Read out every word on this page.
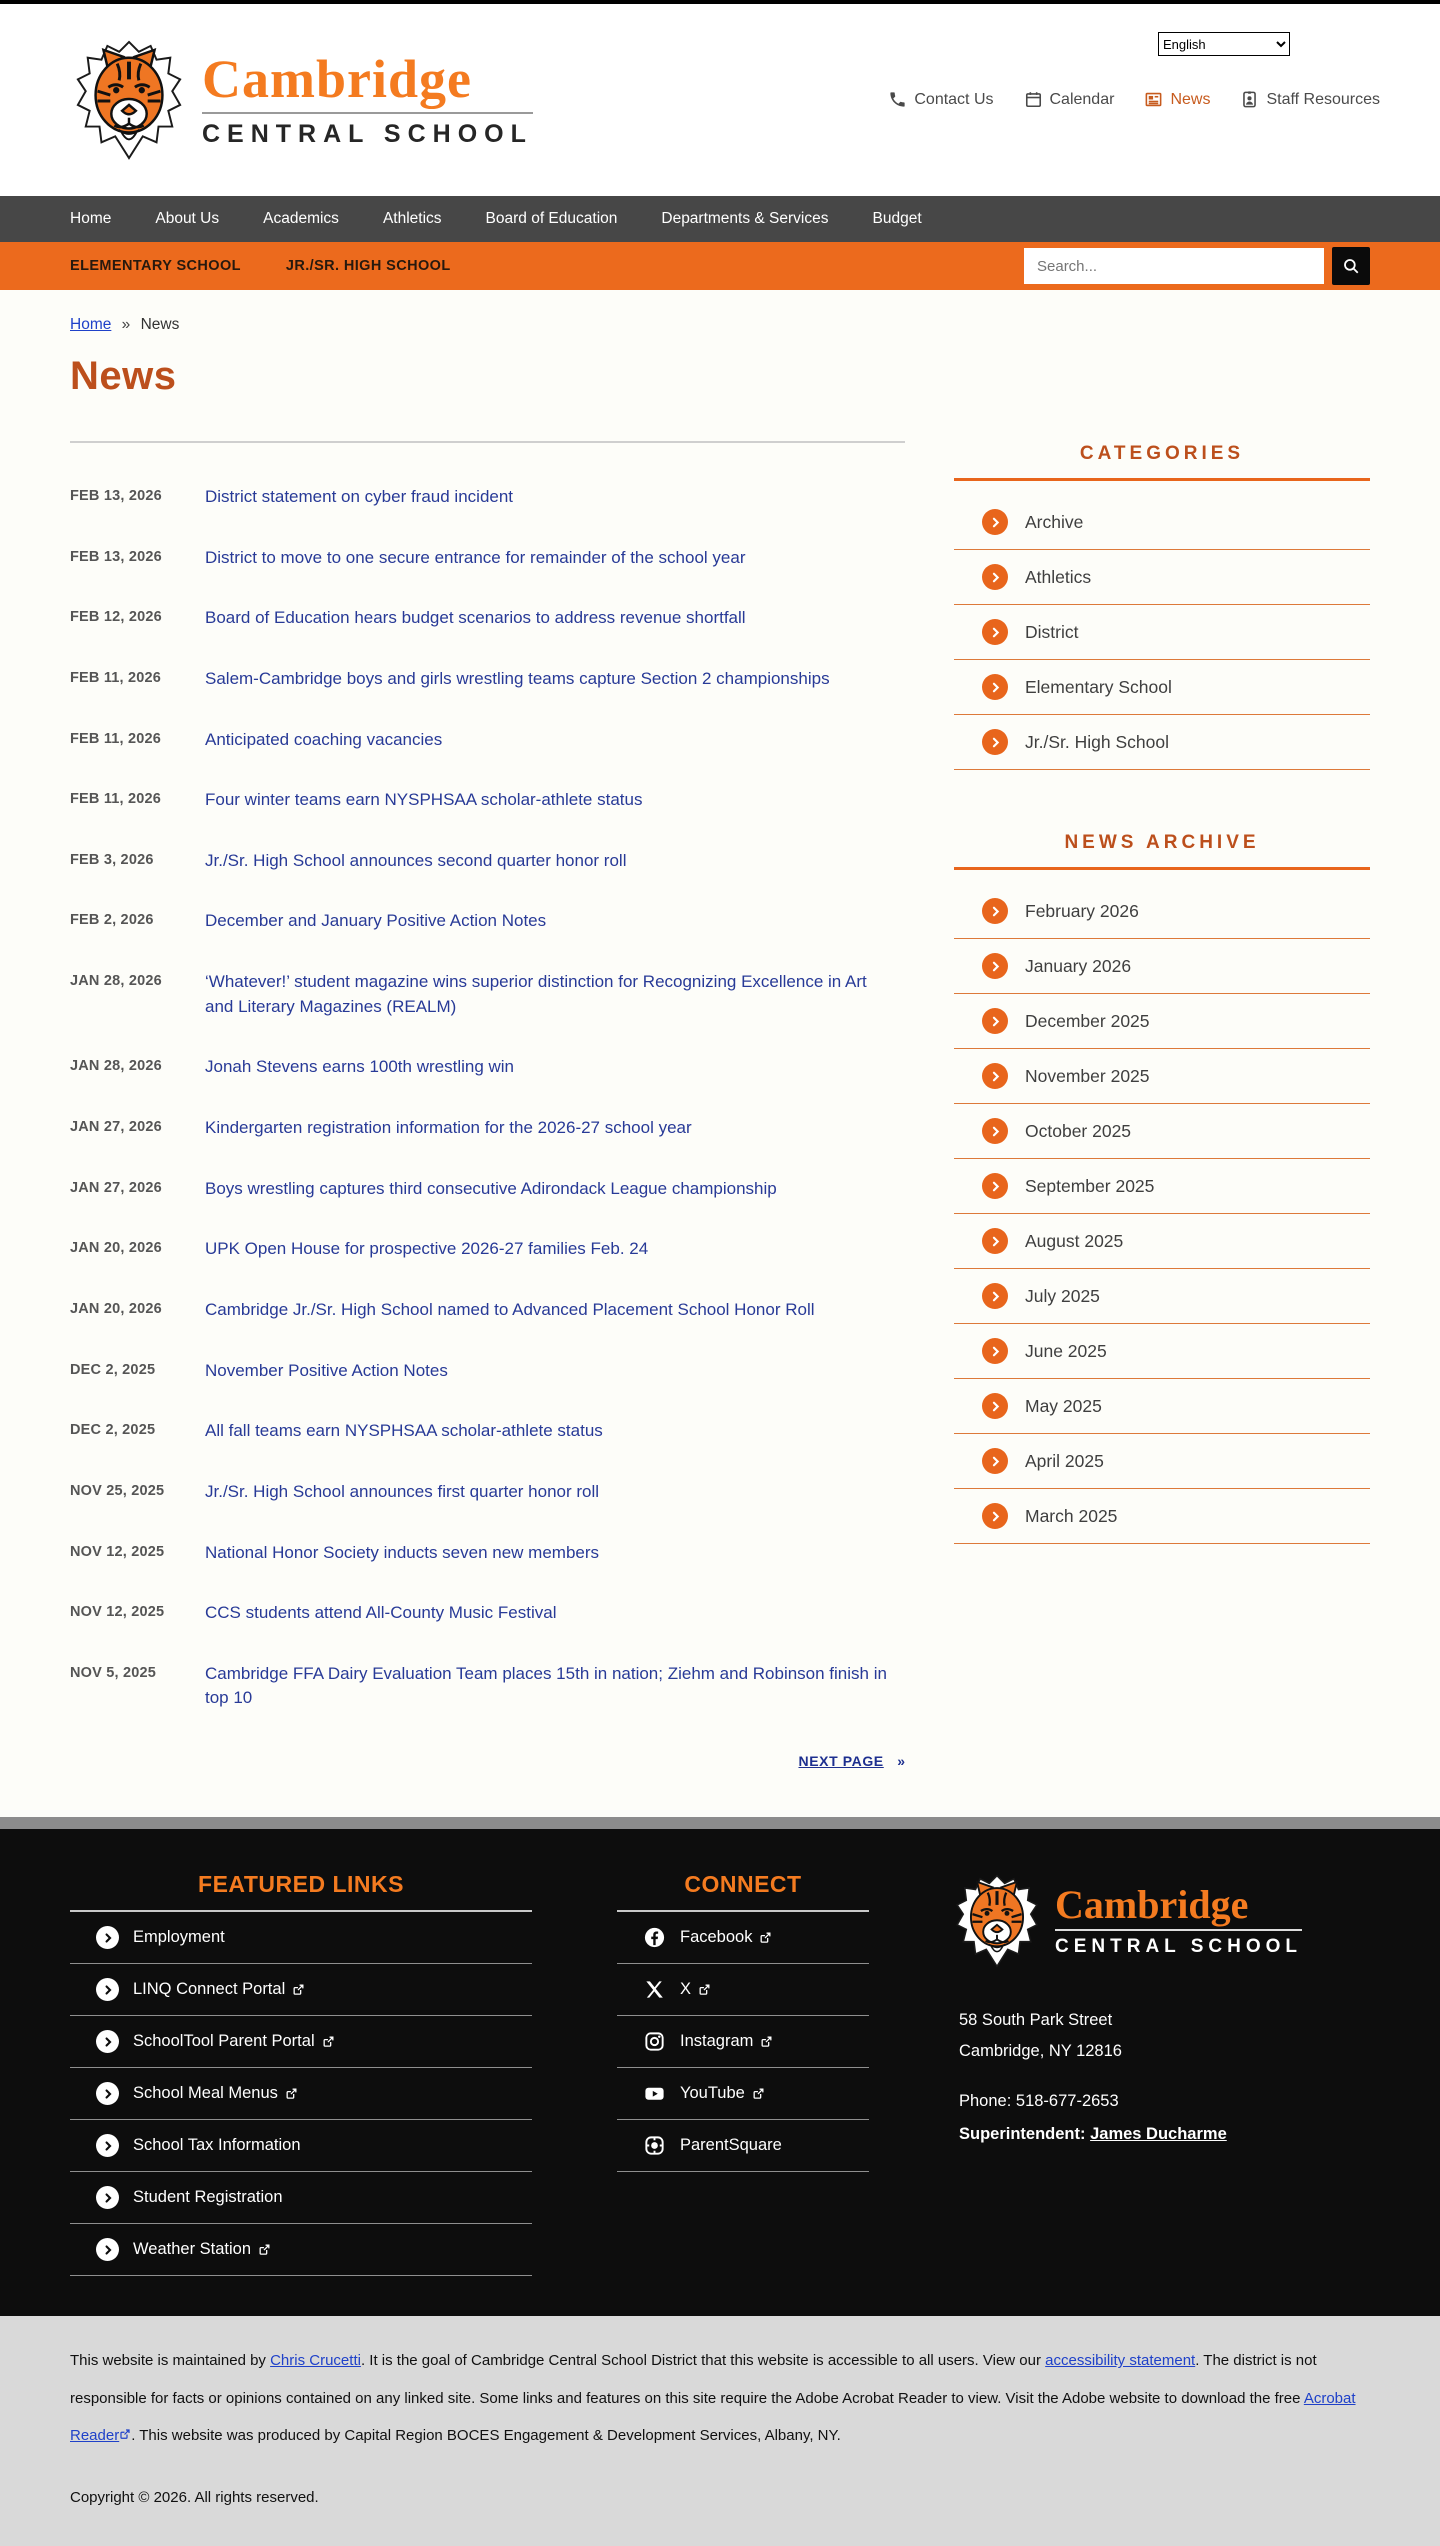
Cambridge
CENTRAL SCHOOL
English
Contact Us	Calendar	News	Staff Resources
Home	About Us	Academics	Athletics	Board of Education	Departments & Services	Budget
ELEMENTARY SCHOOL	JR./SR. HIGH SCHOOL
Search...
Home » News
News
FEB 13, 2026	District statement on cyber fraud incident
FEB 13, 2026	District to move to one secure entrance for remainder of the school year
FEB 12, 2026	Board of Education hears budget scenarios to address revenue shortfall
FEB 11, 2026	Salem-Cambridge boys and girls wrestling teams capture Section 2 championships
FEB 11, 2026	Anticipated coaching vacancies
FEB 11, 2026	Four winter teams earn NYSPHSAA scholar-athlete status
FEB 3, 2026	Jr./Sr. High School announces second quarter honor roll
FEB 2, 2026	December and January Positive Action Notes
JAN 28, 2026	‘Whatever!’ student magazine wins superior distinction for Recognizing Excellence in Art and Literary Magazines (REALM)
JAN 28, 2026	Jonah Stevens earns 100th wrestling win
JAN 27, 2026	Kindergarten registration information for the 2026-27 school year
JAN 27, 2026	Boys wrestling captures third consecutive Adirondack League championship
JAN 20, 2026	UPK Open House for prospective 2026-27 families Feb. 24
JAN 20, 2026	Cambridge Jr./Sr. High School named to Advanced Placement School Honor Roll
DEC 2, 2025	November Positive Action Notes
DEC 2, 2025	All fall teams earn NYSPHSAA scholar-athlete status
NOV 25, 2025	Jr./Sr. High School announces first quarter honor roll
NOV 12, 2025	National Honor Society inducts seven new members
NOV 12, 2025	CCS students attend All-County Music Festival
NOV 5, 2025	Cambridge FFA Dairy Evaluation Team places 15th in nation; Ziehm and Robinson finish in top 10
NEXT PAGE »
CATEGORIES
Archive
Athletics
District
Elementary School
Jr./Sr. High School
NEWS ARCHIVE
February 2026
January 2026
December 2025
November 2025
October 2025
September 2025
August 2025
July 2025
June 2025
May 2025
April 2025
March 2025
FEATURED LINKS
Employment
LINQ Connect Portal
SchoolTool Parent Portal
School Meal Menus
School Tax Information
Student Registration
Weather Station
CONNECT
Facebook
X
Instagram
YouTube
ParentSquare
Cambridge
CENTRAL SCHOOL
58 South Park Street
Cambridge, NY 12816
Phone: 518-677-2653
Superintendent: James Ducharme

This website is maintained by Chris Crucetti. It is the goal of Cambridge Central School District that this website is accessible to all users. View our accessibility statement. The district is not responsible for facts or opinions contained on any linked site. Some links and features on this site require the Adobe Acrobat Reader to view. Visit the Adobe website to download the free Acrobat Reader . This website was produced by Capital Region BOCES Engagement & Development Services, Albany, NY.

Copyright © 2026. All rights reserved.
